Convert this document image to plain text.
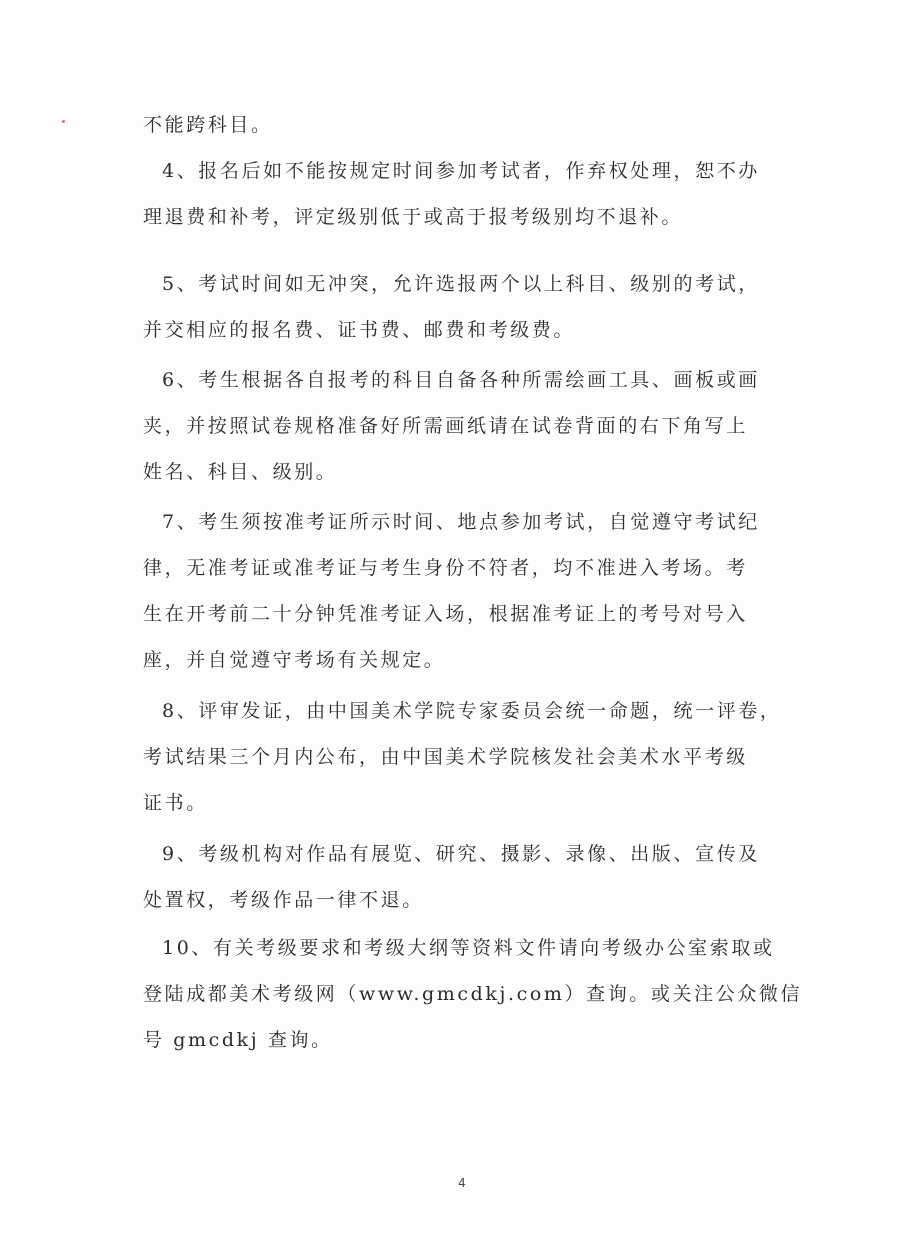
不能跨科目。
4、报名后如不能按规定时间参加考试者，作弃权处理，恕不办
理退费和补考，评定级别低于或高于报考级别均不退补。
5、考试时间如无冲突，允许选报两个以上科目、级别的考试，
并交相应的报名费、证书费、邮费和考级费。
6、考生根据各自报考的科目自备各种所需绘画工具、画板或画
夹，并按照试卷规格准备好所需画纸请在试卷背面的右下角写上
姓名、科目、级别。
7、考生须按准考证所示时间、地点参加考试，自觉遵守考试纪
律，无准考证或准考证与考生身份不符者，均不准进入考场。考
生在开考前二十分钟凭准考证入场，根据准考证上的考号对号入
座，并自觉遵守考场有关规定。
8、评审发证，由中国美术学院专家委员会统一命题，统一评卷，
考试结果三个月内公布，由中国美术学院核发社会美术水平考级
证书。
9、考级机构对作品有展览、研究、摄影、录像、出版、宣传及
处置权，考级作品一律不退。
10、有关考级要求和考级大纲等资料文件请向考级办公室索取或
登陆成都美术考级网（www.gmcdkj.com）查询。或关注公众微信
号 gmcdkj 查询。
4
